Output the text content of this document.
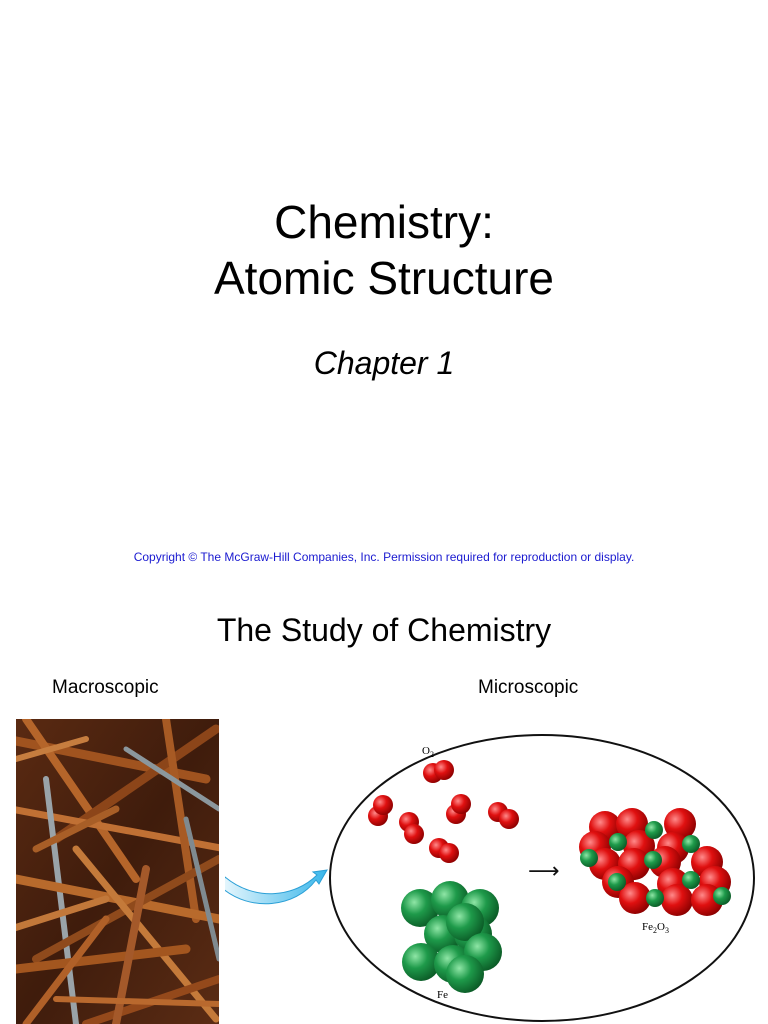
Chemistry:
Atomic Structure
Chapter 1
Copyright © The McGraw-Hill Companies, Inc. Permission required for reproduction or display.
The Study of Chemistry
Macroscopic	Microscopic
$O_2$
Fe
⟶
$Fe_2O_3$
